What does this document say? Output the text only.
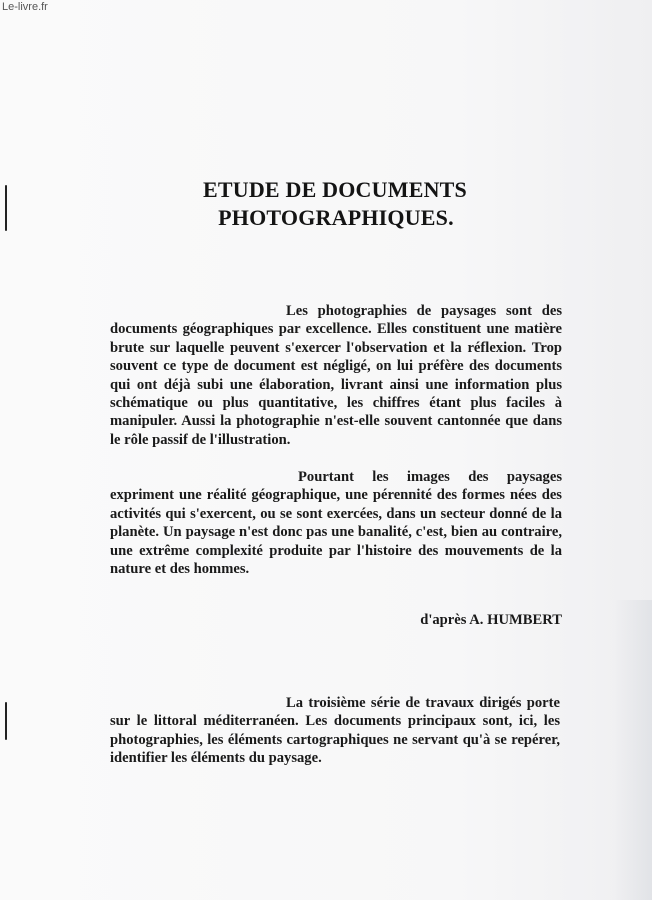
Le-livre.fr
ETUDE DE DOCUMENTS
PHOTOGRAPHIQUES.
Les photographies de paysages sont des documents géographiques par excellence. Elles constituent une matière brute sur laquelle peuvent s'exercer l'observation et la réflexion. Trop souvent ce type de document est négligé, on lui préfère des documents qui ont déjà subi une élaboration, livrant ainsi une information plus schématique ou plus quantitative, les chiffres étant plus faciles à manipuler. Aussi la photographie n'est-elle souvent cantonnée que dans le rôle passif de l'illustration.
Pourtant les images des paysages expriment une réalité géographique, une pérennité des formes nées des activités qui s'exercent, ou se sont exercées, dans un secteur donné de la planète. Un paysage n'est donc pas une banalité, c'est, bien au contraire, une extrême complexité produite par l'histoire des mouvements de la nature et des hommes.
d'après A. HUMBERT
La troisième série de travaux dirigés porte sur le littoral méditerranéen. Les documents principaux sont, ici, les photographies, les éléments cartographiques ne servant qu'à se repérer, identifier les éléments du paysage.
